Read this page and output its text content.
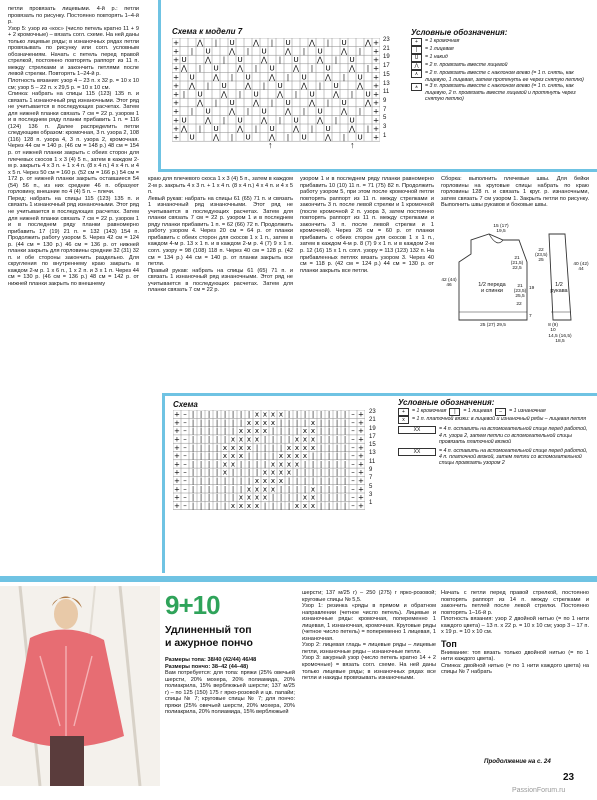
петли провязать лицевыми. 4-й р.: петли провязать по рисунку. Постоянно повторять 1–4-й р.

Узор 5: узор из «кос» (число петель кратно 11 + 9 + 2 кромочные) – вязать согл. схеме. На ней даны только лицевые ряды; в изнаночных рядах петли провязывать по рисунку или согл. условным обозначениям. Начать с петель перед правой стрелкой, постоянно повторять раппорт из 11 п. между стрелками и закончить петлями после левой стрелки. Повторять 1–24-й р.

Плотность вязания: узор 4 – 23 п. х 32 р. = 10 х 10 см; узор 5 – 22 п. х 29,5 р. = 10 х 10 см.

Спинка: набрать на спицы 115 (123) 135 п. и связать 1 изнаночный ряд изнаночными. Этот ряд не учитывается в последующих расчетах. Затем для нижней планки связать 7 см = 22 р. узором 1 и в последнем ряду планки прибавить 1 п. = 116 (124) 136 п. Далее распределить петли следующим образом: кромочная, 3 п. узора 2, 108 (116) 128 п. узора 4, 3 п. узора 2, кромочная. Через 44 см = 140 р. (46 см = 148 р.) 48 см = 154 р. от нижней планки закрыть с обеих сторон для плечевых скосов 1 х 3 (4) 5 п., затем в каждом 2-м р. закрыть 4 х 3 п. + 1 х 4 п. (8 х 4 п.) 4 х 4 п. и 4 х 5 п. Через 50 см = 160 р. (52 см = 166 р.) 54 см = 172 р. от нижней планки закрыть оставшиеся 54 (54) 56 п., из них средние 46 п. образуют горловину, внешние по 4 (4) 5 п. – плечи.

Перед: набрать на спицы 115 (123) 135 п. и связать 1 изнаночный ряд изнаночными. Этот ряд не учитывается в последующих расчетах. Затем для нижней планки связать 7 см = 22 р. узором 1 и в последнем ряду планки равномерно прибавить 17 (19) 21 п. = 132 (143) 154 п. Продолжить работу узором 5. Через 42 см = 124 р. (44 см = 130 р.) 46 см = 136 р. от нижней планки закрыть для горловины средние 32 (31) 32 п. и обе стороны закончить раздельно. Для скругления по внутреннему краю закрыть в каждом 2-м р. 1 х 6 п., 1 х 2 п. и 3 х 1 п. Через 44 см = 130 р. (46 см = 136 р.) 48 см = 142 р. от нижней планки закрыть по внешнему

Схема к модели 7
+ ⋀ | U	⋀ | U	⋀ | U	⋀ +
+ | U	⋀ | U	⋀ | U	⋀ | +
+ U	⋀ | U	⋀ | U	⋀ | U +
+ ⋀ | U	⋀ | U	⋀ | U	⋀ | +
+ U	⋀ | U	⋀ | U	⋀ | U +
+ ⋀ | U	⋀ | U	⋀ | U	⋀ +
+ | U	⋀ | U	⋀ | U	⋀ | U +
+ ⋀ | U	⋀ | U	⋀ | U	⋀ +
+ | U	⋀ | U	⋀ | U	⋀ | +
+ U	⋀ | U	⋀ | U	⋀ | U +
+ ⋀ | U	⋀ | U	⋀ | U	⋀ | +
+ U	⋀ | U	⋀ | U	⋀ | U +
23
21
19
17
15
13
11
9
7
5
3
1
↑	↑
Условные обозначения:
+	= 1 кромочная
|	= 1 лицевая
U	= 1 накид
⋀	= 2 п. провязать вместе лицевой
⋏	= 2 п. провязать вместе с наклоном влево (= 1 п. снять, как лицевую, 1 лицевая, затем протянуть ее через снятую петлю)
⩚	= 3 п. провязать вместе с наклоном влево (= 1 п. снять, как лицевую, 2 п. провязать вместе лицевой и протянуть через снятую петлю)

краю для плечевого скоса 1 х 3 (4) 5 п., затем в каждом 2-м р. закрыть 4 х 3 п. + 1 х 4 п. (8 х 4 п.) 4 х 4 п. и 4 х 5 п.

Левый рукав: набрать на спицы 61 (65) 71 п. и связать 1 изнаночный ряд изнаночными. Этот ряд не учитывается в последующих расчетах. Затем для планки связать 7 см = 22 р. узором 1 и в последнем ряду планки прибавить 1 п. = 62 (66) 72 п. Продолжить работу узором 4. Через 20 см = 64 р. от планки прибавить с обеих сторон для скосов 1 х 1 п., затем в каждом 4-м р. 13 х 1 п. и в каждом 2-м р. 4 (7) 9 х 1 п. согл. узору = 98 (108) 118 п. Через 40 см = 128 р. (42 см = 134 р.) 44 см = 140 р. от планки закрыть все петли.

Правый рукав: набрать на спицы 61 (65) 71 п. и связать 1 изнаночный ряд изнаночными. Этот ряд не учитывается в последующих расчетах. Затем для планки связать 7 см = 22 р.

узором 1 и в последнем ряду планки равномерно прибавить 10 (10) 11 п. = 71 (75) 82 п. Продолжить работу узором 5, при этом после кромочной петли повторять раппорт из 11 п. между стрелками и закончить 3 п. после левой стрелки и 1 кромочной (после кромочной 2 п. узора 3, затем постоянно повторять раппорт из 11 п. между стрелками и закончить 3 п. после левой стрелки и 1 кромочной). Через 26 см = 60 р. от планки прибавить с обеих сторон для скосов 1 х 1 п., затем в каждом 4-м р. 8 (7) 9 х 1 п. и в каждом 2-м р. 12 (16) 15 х 1 п. согл. узору = 113 (123) 132 п. На прибавленных петлях вязать узором 3. Через 40 см = 118 р. (42 см = 124 р.) 44 см = 130 р. от планки закрыть все петли.

Сборка: выполнить плечевые швы. Для бейки горловины на круговые спицы набрать по краю горловины 128 п. и связать 1 круг. р. изнаночными, затем связать 7 см узором 1. Закрыть петли по рисунку. Выполнить швы рукавов и боковые швы.

15 (17) 19,5
21 (21,5) 22,5
21 (23,5) 25,5
42 (44) 46
22
25 (27) 29,5
7
19
22 (23,5) 25
40 (42) 44
8 (9) 10
14,5 (16,5) 18,5
1/2 переда и спинки
1/2 рукава
Схема
+ – | | | | | | | | x x x x | | | | | | | | – +
+ – | | | | | | | x x x x | | | | x | | | | – +
+ – | | | | | | x x x x | | | | x x | | | | – +
+ – | | | | | x x x x | | | | x x x | | | | – +
+ – | | | | x x x x | | | | x x x x | | | | – +
+ – | | | | x x x | | | | x x x x | | | | | – +
+ – | | | | x x | | | | x x x x | | | | | | – +
+ – | | | | x | | | | x x x x | | | | | | | – +
+ – | | | | | | | | x x x x | | | | | | | | – +
+ – | | | | | | | x x x x | | | | x | | | | – +
+ – | | | | | | x x x x | | | | x x | | | | – +
+ – | | | | | x x x x | | | | x x x | | | | – +
23
21
19
17
15
13
11
9
7
5
3
1
Условные обозначения:
+	= 1 кромочная	|	= 1 лицевая	–	= 1 изнаночная
x	= 1 п. платочной вязки: в лицевой и изнаночный ряды – лицевая петля
XX	= 4 п. оставить на вспомогательной спице перед работой, 4 п. узора 2, затем петли со вспомогательной спицы провязать платочной вязкой
XX	= 4 п. оставить на вспомогательной спице перед работой, 4 п. платочной вязкой, затем петли со вспомогательной спицы провязать узором 2
9+10
Удлиненный топ
и ажурное пончо

Размеры топа: 38/40 (42/44) 46/48

Размеры пончо: 38–42 (44–48)

Вам потребуется: для топа: пряжи (25% овечьей шерсти, 20% мохера, 20% полиамида, 20% полиакрила, 15% верблюжьей шерсти; 137 м/25 г) – по 125 (150) 175 г ярко-розовой и цв. папайи; спицы № 7; круговые спицы № 7; для пончо: пряжи (25% овечьей шерсти, 20% мохера, 20% полиакрила, 20% полиамида, 15% верблюжьей

шерсти; 137 м/25 г) – 250 (275) г ярко-розовой; круговые спицы № 5,5.

Узор 1: резинка «ряды в прямом и обратном направлении (четное число петель). Лицевые и изнаночные ряды: кромочная, попеременно 1 лицевая, 1 изнаночная, кромочная. Круговые ряды (четное число петель) = попеременно 1 лицевая, 1 изнаночная.

Узор 2: лицевая гладь = лицевые ряды – лицевые петли, изнаночные ряды – изнаночные петли.

Узор 3: ажурный узор (число петель кратно 14 + 2 кромочные) = вязать согл. схеме. На ней даны только лицевые ряды; в изнаночных рядах все петли и накиды провязывать изнаночными.

Начать с петли перед правой стрелкой, постоянно повторять раппорт из 14 п. между стрелками и закончить петлей после левой стрелки. Постоянно повторять 1–16-й р.

Плотность вязания: узор 2 двойной нитью (= по 1 нити каждого цвета) – 13 п. х 22 р. = 10 х 10 см; узор 3 – 17 п. х 19 р. = 10 х 10 см.

Топ

Внимание: топ вязать только двойной нитью (= по 1 нити каждого цвета).

Спинка: двойной нитью (= по 1 нити каждого цвета) на спицы № 7 набрать

Продолжение на с. 24
23
PassionForum.ru
